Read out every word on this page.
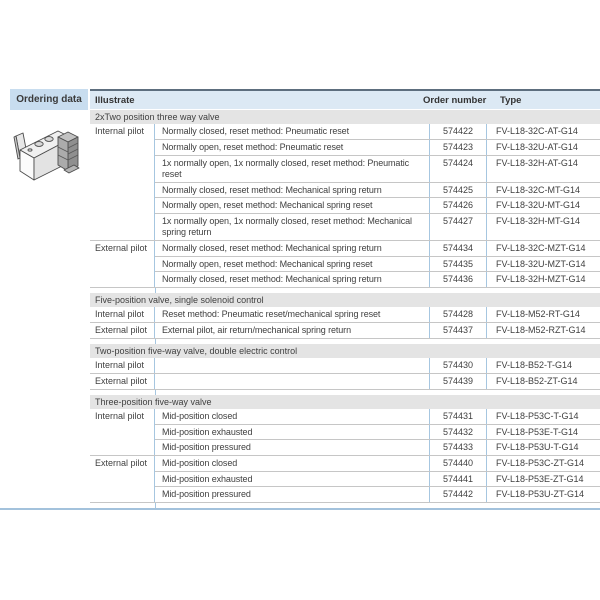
Ordering data	Illustrate	Order number Type
2xTwo position three way valve
Internal pilot	Normally closed, reset method: Pneumatic reset	574422	FV-L18-32C-AT-G14
Normally open, reset method: Pneumatic reset	574423	FV-L18-32U-AT-G14
1x normally open, 1x normally closed, reset method: Pneumatic reset
574424	FV-L18-32H-AT-G14
Normally closed, reset method: Mechanical spring return	574425	FV-L18-32C-MT-G14
Normally open, reset method: Mechanical spring reset	574426	FV-L18-32U-MT-G14
1x normally open, 1x normally closed, reset method: Mechanical spring return
574427	FV-L18-32H-MT-G14
External pilot	Normally closed, reset method: Mechanical spring return	574434	FV-L18-32C-MZT-G14
Normally open, reset method: Mechanical spring reset	574435	FV-L18-32U-MZT-G14
Normally closed, reset method: Mechanical spring return	574436	FV-L18-32H-MZT-G14
Five-position valve, single solenoid control
Internal pilot	Reset method: Pneumatic reset/mechanical spring reset	574428	FV-L18-M52-RT-G14
External pilot	External pilot, air return/mechanical spring return	574437	FV-L18-M52-RZT-G14
Two-position five-way valve, double electric control
Internal pilot	574430	FV-L18-B52-T-G14
External pilot	574439	FV-L18-B52-ZT-G14
Three-position five-way valve
Internal pilot	Mid-position closed	574431	FV-L18-P53C-T-G14
Mid-position exhausted	574432	FV-L18-P53E-T-G14
Mid-position pressured	574433	FV-L18-P53U-T-G14
External pilot	Mid-position closed	574440	FV-L18-P53C-ZT-G14
Mid-position exhausted	574441	FV-L18-P53E-ZT-G14
Mid-position pressured	574442	FV-L18-P53U-ZT-G14
